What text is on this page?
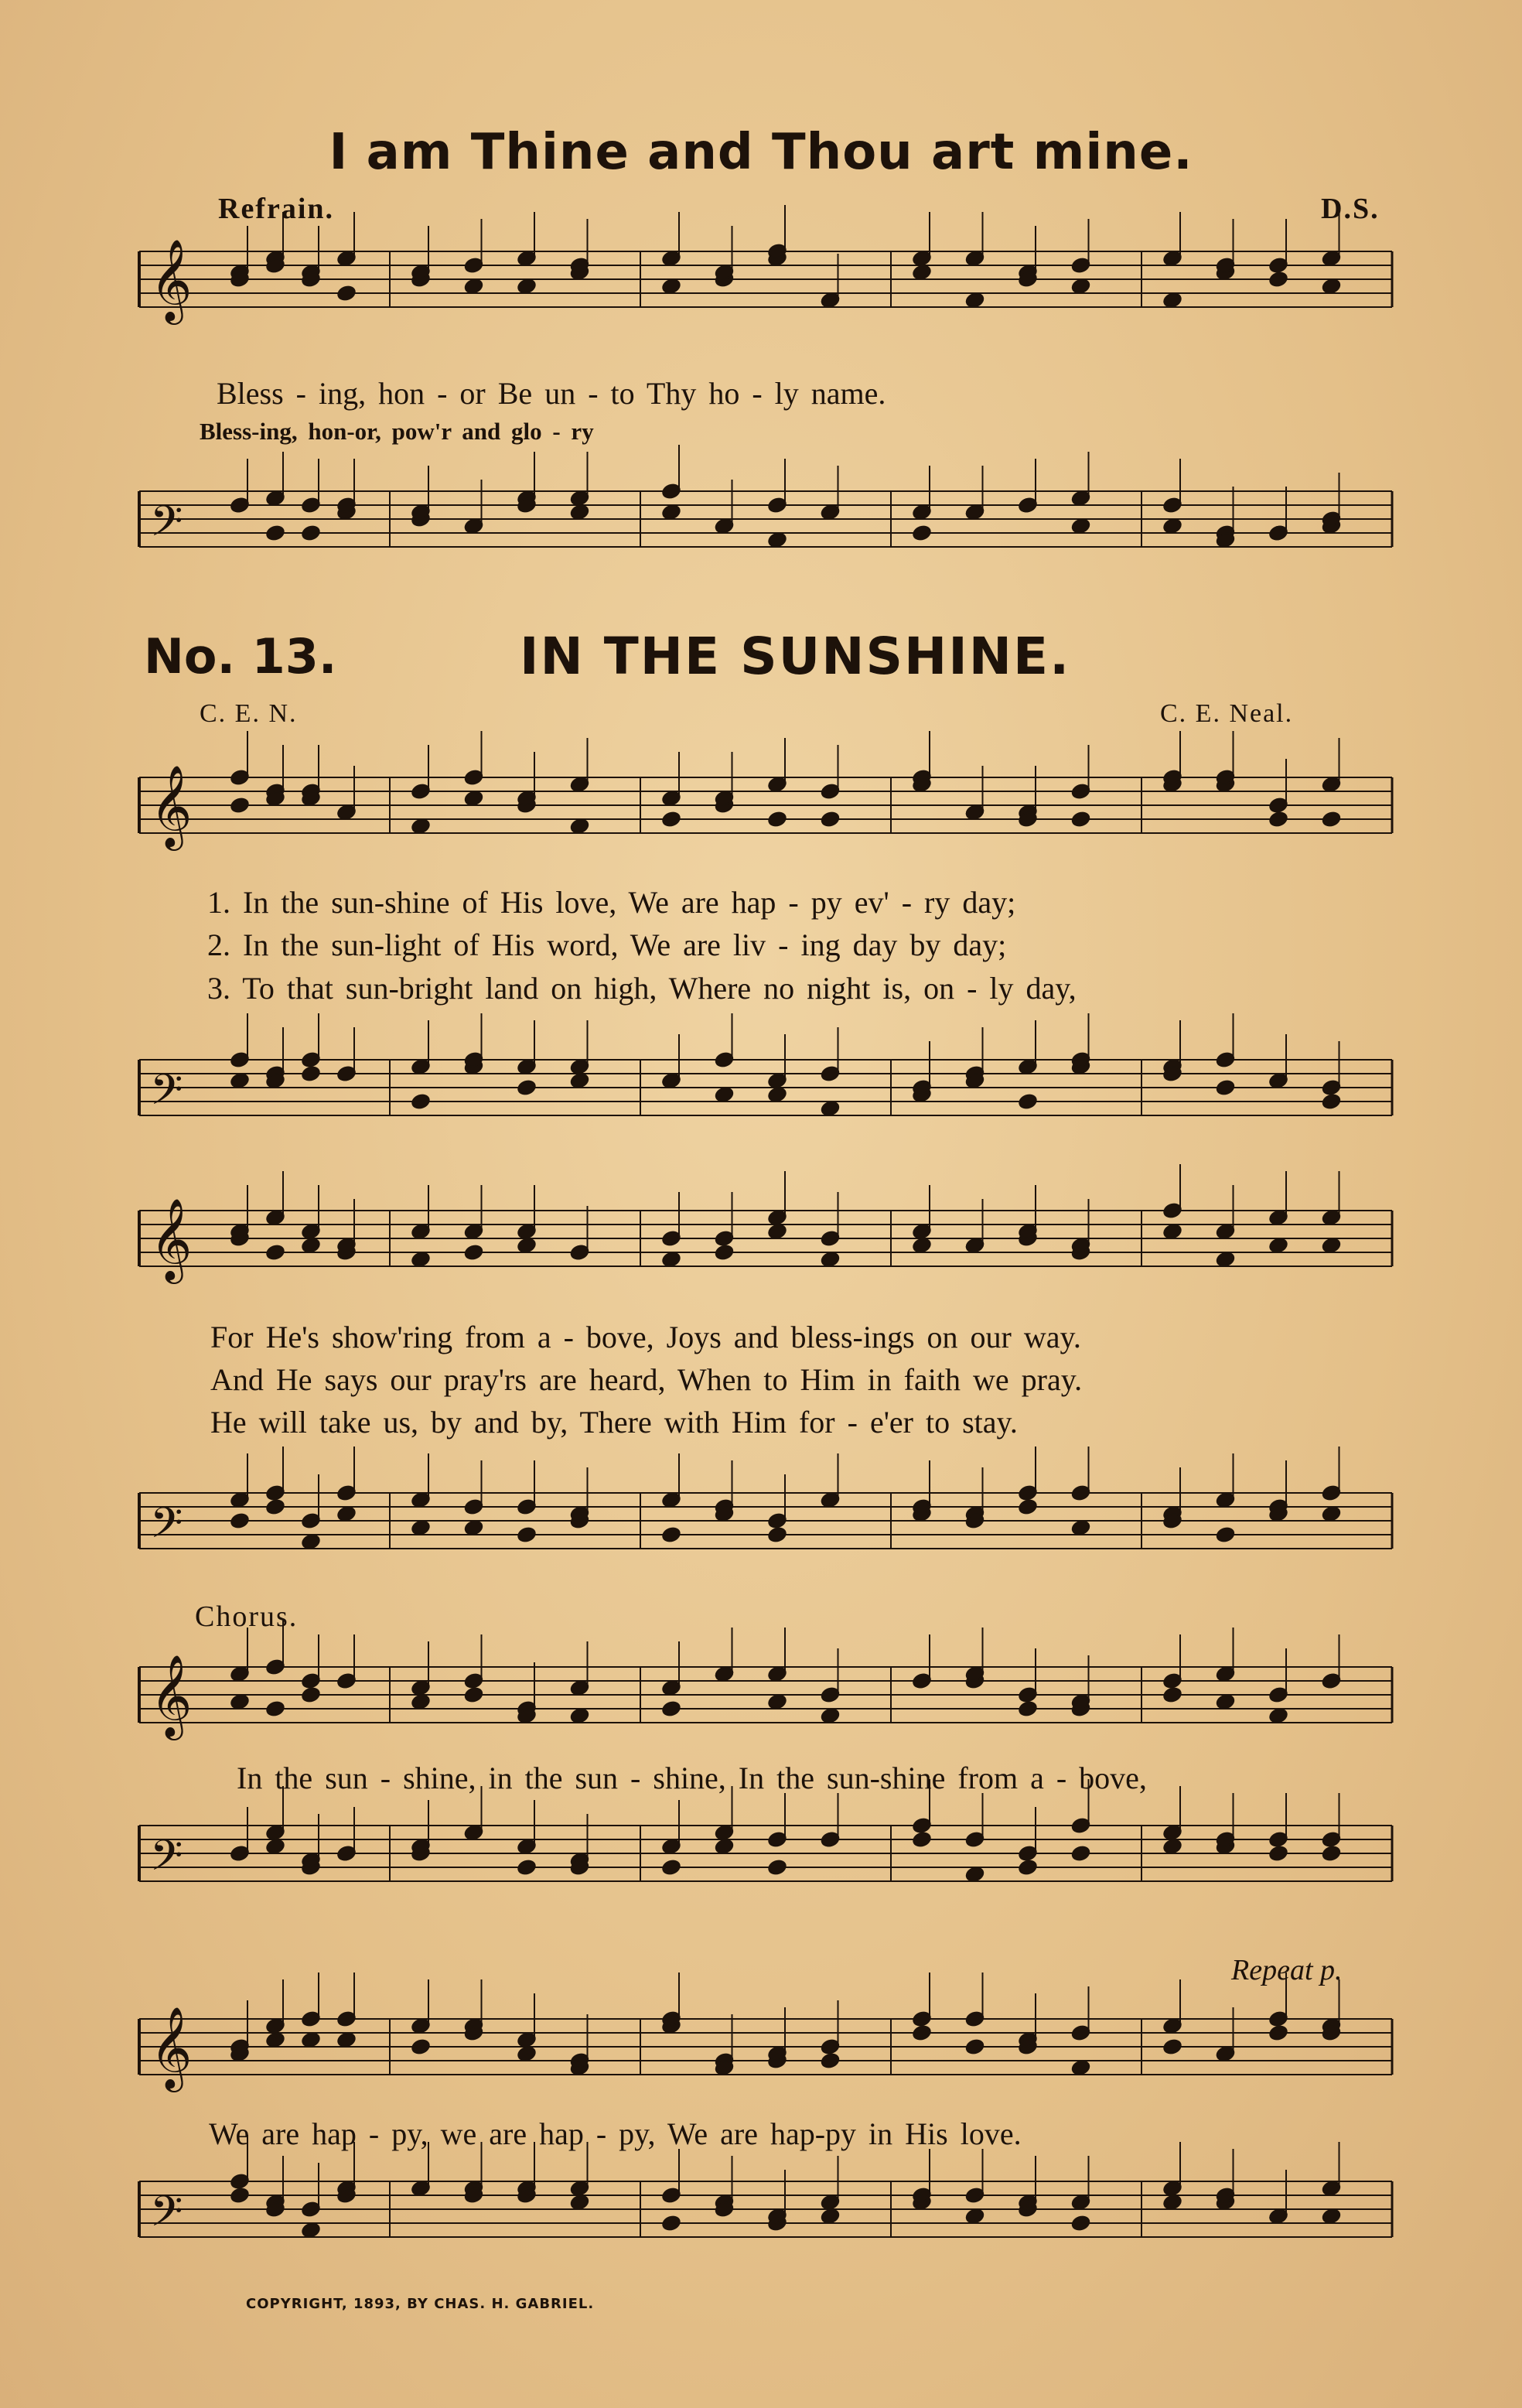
I am Thine and Thou art mine.
Refrain.	D.S.
𝄞
Bless - ing, hon - or Be un - to Thy ho - ly name.
Bless-ing, hon-or, pow'r and glo - ry
𝄢
No. 13.	IN THE SUNSHINE.
C. E. N.	C. E. Neal.
𝄞
1. In the sun-shine of His love, We are hap - py ev' - ry day;
2. In the sun-light of His word, We are liv - ing day by day;
3. To that sun-bright land on high, Where no night is, on - ly day,
𝄢
𝄞
For He's show'ring from a - bove, Joys and bless-ings on our way.
And He says our pray'rs are heard, When to Him in faith we pray.
He will take us, by and by, There with Him for - e'er to stay.
𝄢
Chorus.
𝄞
In the sun - shine, in the sun - shine, In the sun-shine from a - bove,
𝄢
Repeat p.
𝄞
We are hap - py, we are hap - py, We are hap-py in His love.
𝄢
COPYRIGHT, 1893, BY CHAS. H. GABRIEL.
